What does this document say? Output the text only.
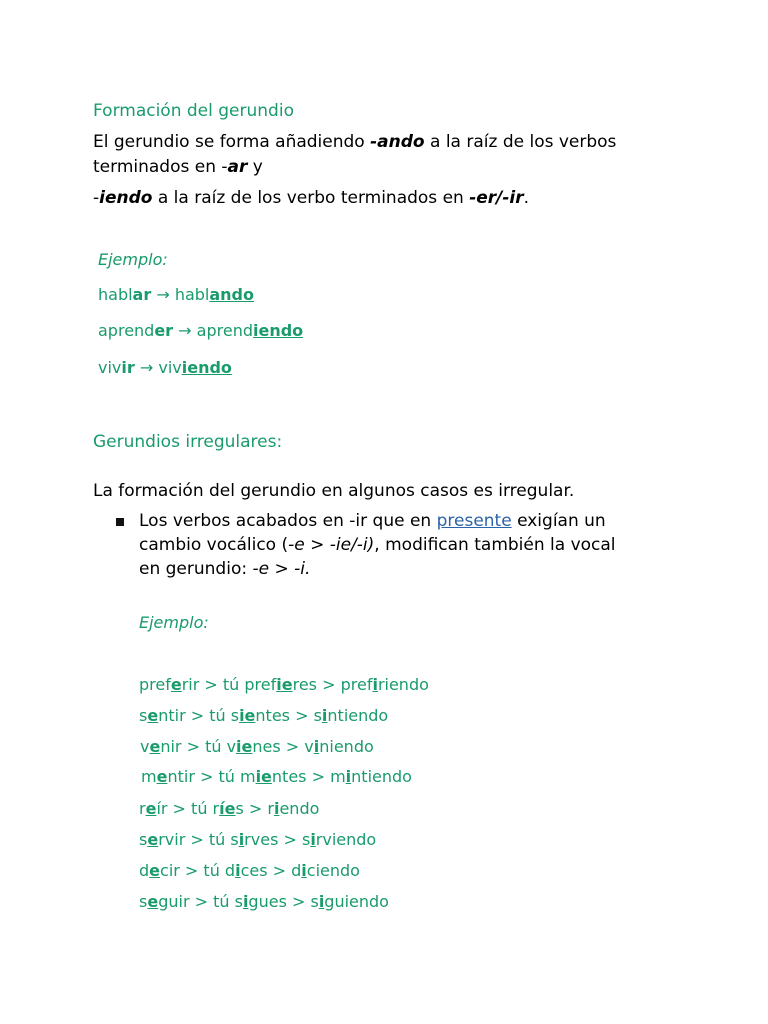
Formación del gerundio
El gerundio se forma añadiendo -ando a la raíz de los verbos
terminados en -ar y
-iendo a la raíz de los verbo terminados en -er/-ir.
Ejemplo:
hablar → hablando
aprender → aprendiendo
vivir → viviendo
Gerundios irregulares:
La formación del gerundio en algunos casos es irregular.
Los verbos acabados en -ir que en presente exigían un
cambio vocálico (-e > -ie/-i), modifican también la vocal
en gerundio: -e > -i.
Ejemplo:
preferir > tú prefieres > prefiriendo
sentir > tú sientes > sintiendo
venir > tú vienes > viniendo
mentir > tú mientes > mintiendo
reír > tú ríes > riendo
servir > tú sirves > sirviendo
decir > tú dices > diciendo
seguir > tú sigues > siguiendo
